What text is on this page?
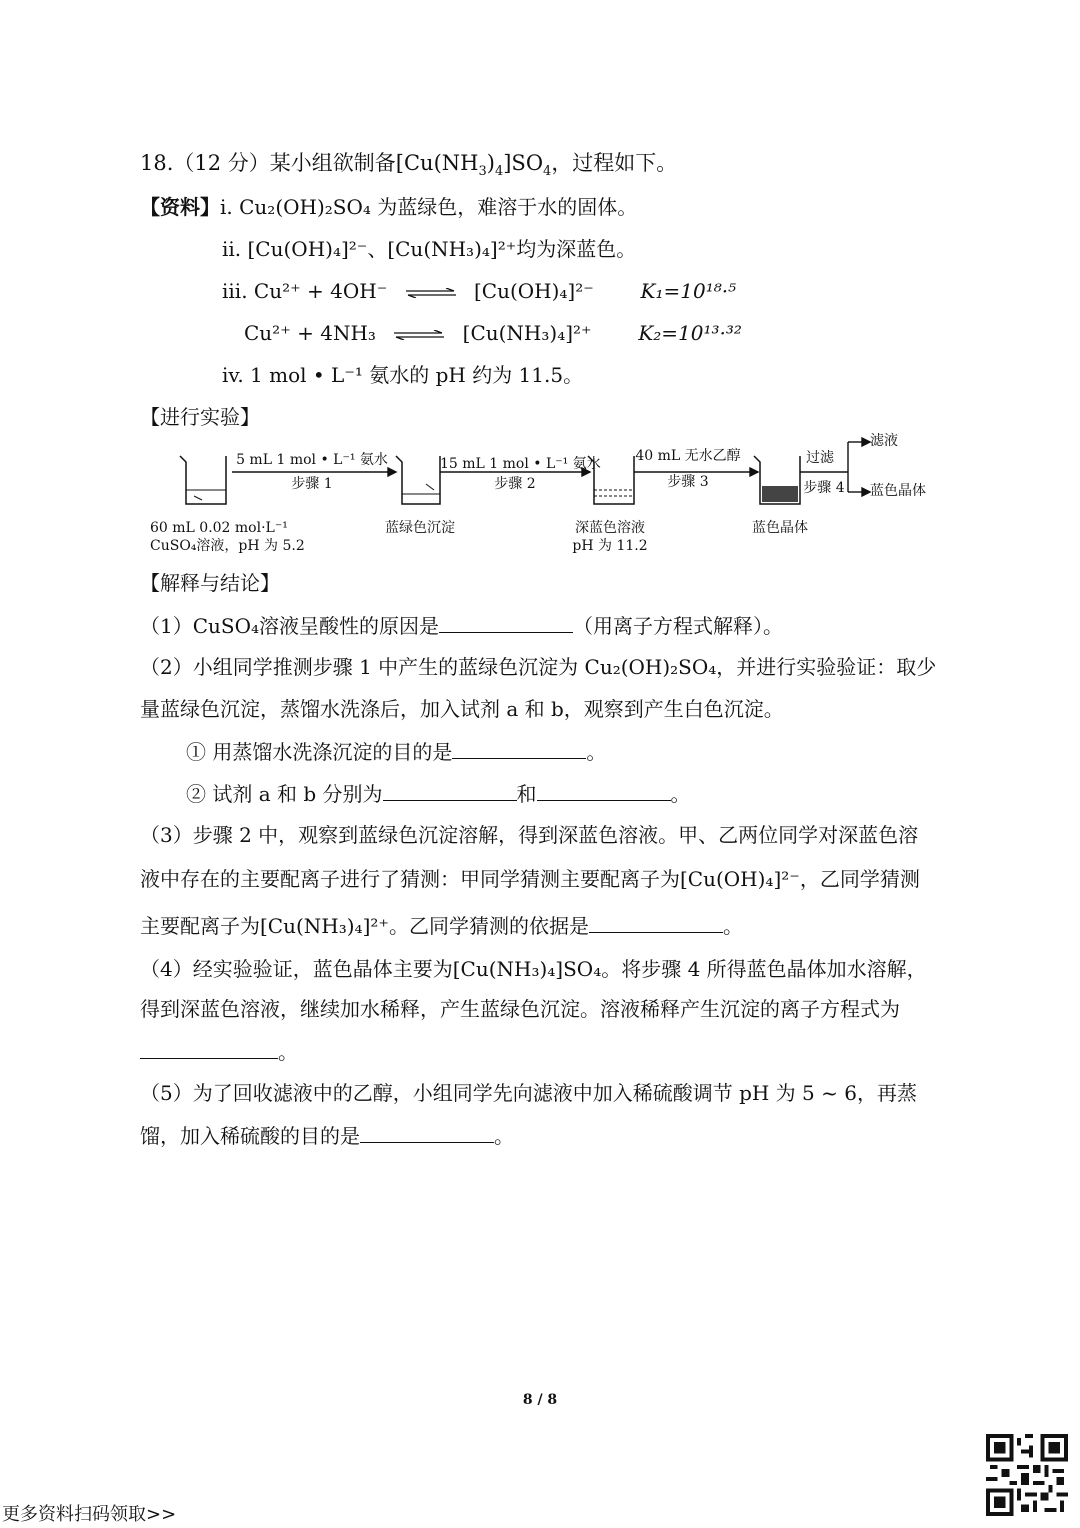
18.（12 分）某小组欲制备$[Cu(NH_3)_4]SO_4$，过程如下。
【资料】i. Cu₂(OH)₂SO₄ 为蓝绿色，难溶于水的固体。
ii. [Cu(OH)₄]²⁻、[Cu(NH₃)₄]²⁺均为深蓝色。
iii. Cu²⁺ + 4OH⁻ ⇌ [Cu(OH)₄]²⁻ K₁=10¹⁸·⁵
Cu²⁺ + 4NH₃ ⇌ [Cu(NH₃)₄]²⁺ K₂=10¹³·³²
iv. 1 mol • L⁻¹ 氨水的 pH 约为 11.5。
【进行实验】
5 mL 1 mol • L⁻¹ 氨水
步骤 1
15 mL 1 mol • L⁻¹ 氨水
步骤 2
40 mL 无水乙醇
步骤 3
过滤
步骤 4
滤液
蓝色晶体
60 mL 0.02 mol·L⁻¹
CuSO₄溶液，pH 为 5.2
蓝绿色沉淀	深蓝色溶液
pH 为 11.2
蓝色晶体
【解释与结论】
（1）CuSO₄溶液呈酸性的原因是	（用离子方程式解释）。
（2）小组同学推测步骤 1 中产生的蓝绿色沉淀为 Cu₂(OH)₂SO₄，并进行实验验证：取少
量蓝绿色沉淀，蒸馏水洗涤后，加入试剂 a 和 b，观察到产生白色沉淀。
① 用蒸馏水洗涤沉淀的目的是	。
② 试剂 a 和 b 分别为	和	。
（3）步骤 2 中，观察到蓝绿色沉淀溶解，得到深蓝色溶液。甲、乙两位同学对深蓝色溶
液中存在的主要配离子进行了猜测：甲同学猜测主要配离子为[Cu(OH)₄]²⁻，乙同学猜测
主要配离子为[Cu(NH₃)₄]²⁺。乙同学猜测的依据是	。
（4）经实验验证，蓝色晶体主要为[Cu(NH₃)₄]SO₄。将步骤 4 所得蓝色晶体加水溶解，
得到深蓝色溶液，继续加水稀释，产生蓝绿色沉淀。溶液稀释产生沉淀的离子方程式为
。
（5）为了回收滤液中的乙醇，小组同学先向滤液中加入稀硫酸调节 pH 为 5 ~ 6，再蒸
馏，加入稀硫酸的目的是	。
8 / 8
更多资料扫码领取>>
